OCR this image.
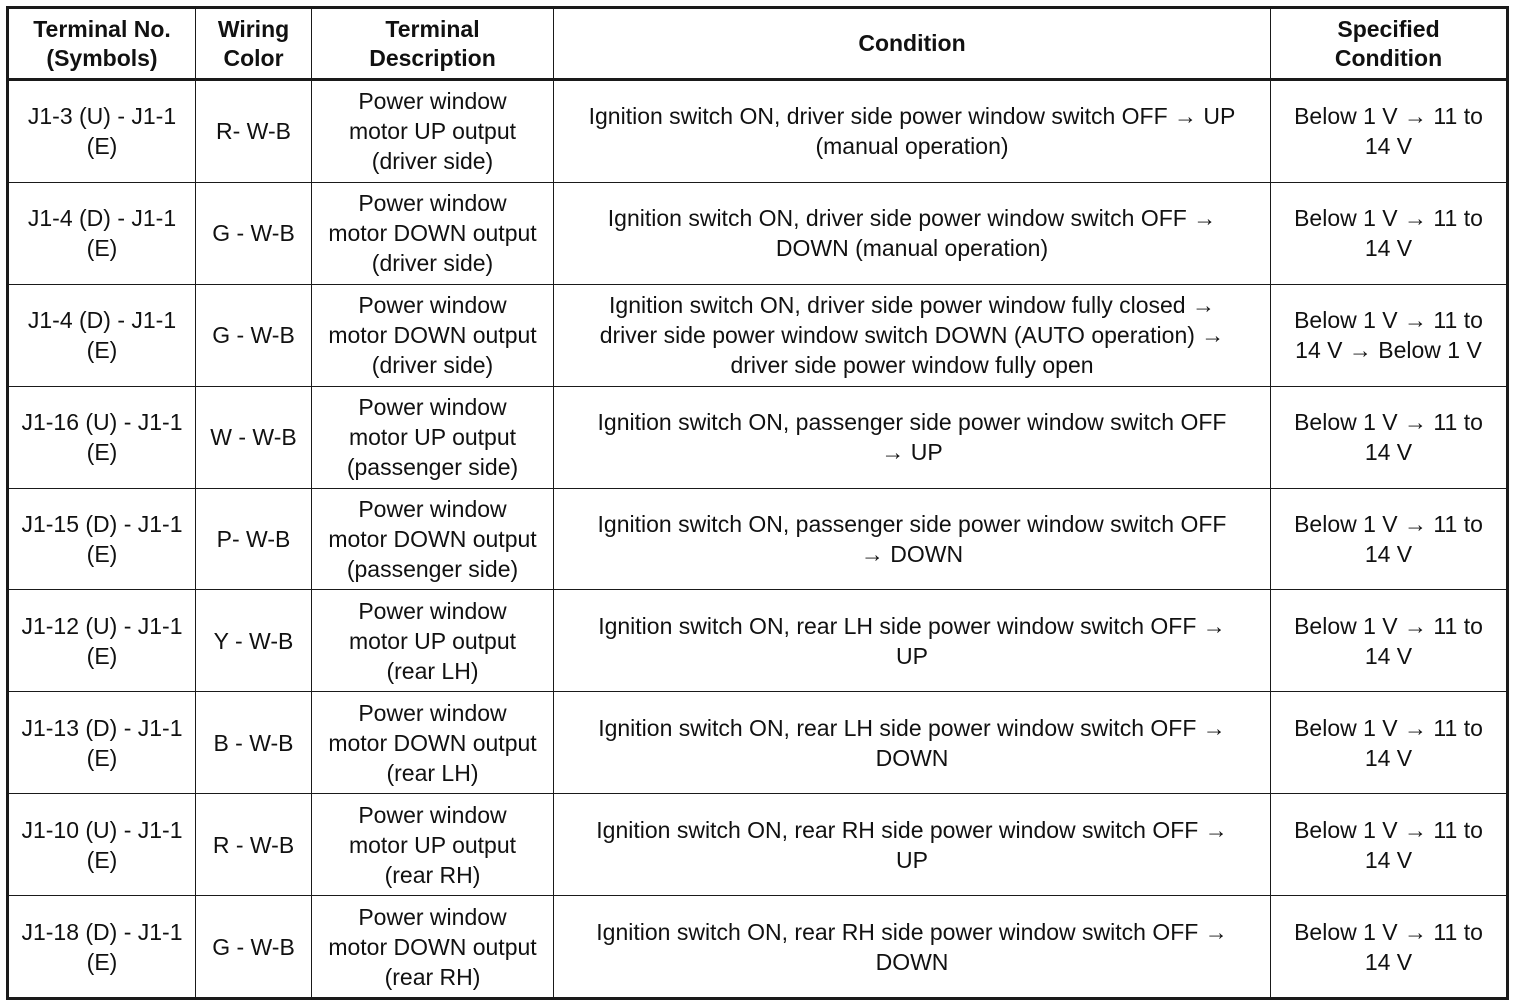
Terminal No.
(Symbols)	Wiring
Color	Terminal
Description	Condition	Specified
Condition
J1-3 (U) - J1-1
(E)	R- W-B	Power window
motor UP output
(driver side)	Ignition switch ON, driver side power window switch OFF → UP
(manual operation)	Below 1 V → 11 to
14 V
J1-4 (D) - J1-1
(E)	G - W-B	Power window
motor DOWN output
(driver side)	Ignition switch ON, driver side power window switch OFF →
DOWN (manual operation)	Below 1 V → 11 to
14 V
J1-4 (D) - J1-1
(E)	G - W-B	Power window
motor DOWN output
(driver side)	Ignition switch ON, driver side power window fully closed →
driver side power window switch DOWN (AUTO operation) →
driver side power window fully open	Below 1 V → 11 to
14 V → Below 1 V
J1-16 (U) - J1-1
(E)	W - W-B	Power window
motor UP output
(passenger side)	Ignition switch ON, passenger side power window switch OFF
→ UP	Below 1 V → 11 to
14 V
J1-15 (D) - J1-1
(E)	P- W-B	Power window
motor DOWN output
(passenger side)	Ignition switch ON, passenger side power window switch OFF
→ DOWN	Below 1 V → 11 to
14 V
J1-12 (U) - J1-1
(E)	Y - W-B	Power window
motor UP output
(rear LH)	Ignition switch ON, rear LH side power window switch OFF →
UP	Below 1 V → 11 to
14 V
J1-13 (D) - J1-1
(E)	B - W-B	Power window
motor DOWN output
(rear LH)	Ignition switch ON, rear LH side power window switch OFF →
DOWN	Below 1 V → 11 to
14 V
J1-10 (U) - J1-1
(E)	R - W-B	Power window
motor UP output
(rear RH)	Ignition switch ON, rear RH side power window switch OFF →
UP	Below 1 V → 11 to
14 V
J1-18 (D) - J1-1
(E)	G - W-B	Power window
motor DOWN output
(rear RH)	Ignition switch ON, rear RH side power window switch OFF →
DOWN	Below 1 V → 11 to
14 V
